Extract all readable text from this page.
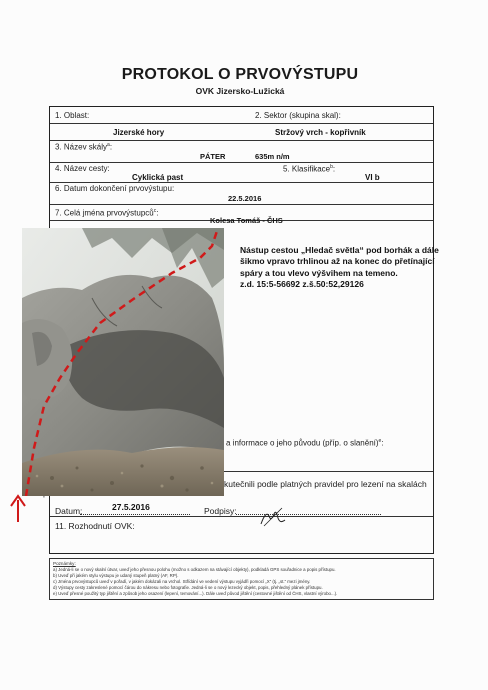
PROTOKOL O PRVOVÝSTUPU
OVK Jizersko-Lužická
1. Oblast:	2. Sektor (skupina skal):
Jizerské hory	Stržový vrch - kopřivník
3. Název skály$^a$:
PÁTER	635m n/m
4. Název cesty:
Cyklická past
5. Klasifikace$^b$:
VI b
6. Datum dokončení prvovýstupu:
22.5.2016
7. Celá jména prvovýstupců$^c$:
Kolesa Tomáš - ČHS
a informace o jeho původu (příp. o slanění)$^e$:
kutečnili podle platných pravidel pro lezení na skalách
Datum:	27.5.2016	Podpisy:
11. Rozhodnutí OVK:
Nástup cestou „Hledač světla“ pod borhák a dále šikmo vpravo trhlinou až na konec do přetínající spáry a tou vlevo výšvihem na temeno.
z.d. 15:5-56692 z.š.50:52,29126
Poznámky:
a) Jedná-li se o nový skalní útvar, uveď jeho přesnou polohu (možno s odkazem na stávající objekty), podkladá GPS souřadnice a popis přístupu.
b) Uveď při jakém stylu výstupu je udaný stupeň platný (AF, RP).
c) Jména prvovýstupců uveď v pořadí, v jakém dokázali na vrchol. Střídání ve vedení výstupu vyjádři pomocí „X“ (tj. „st.“ mezi jmény.
d) Výstupy cesty zakreslené pomocí čárou do nákresu nebo fotografie. Jedná-li se o nový lezecký objekt, popis, přehledný plánek přístupu.
e) Uveď přesné použitý typ jištění a způsob jeho osazení (lepení, temování...). Dále uveď původ jištění (cestovné jištění od ČHS, vlastní výrobo...).
